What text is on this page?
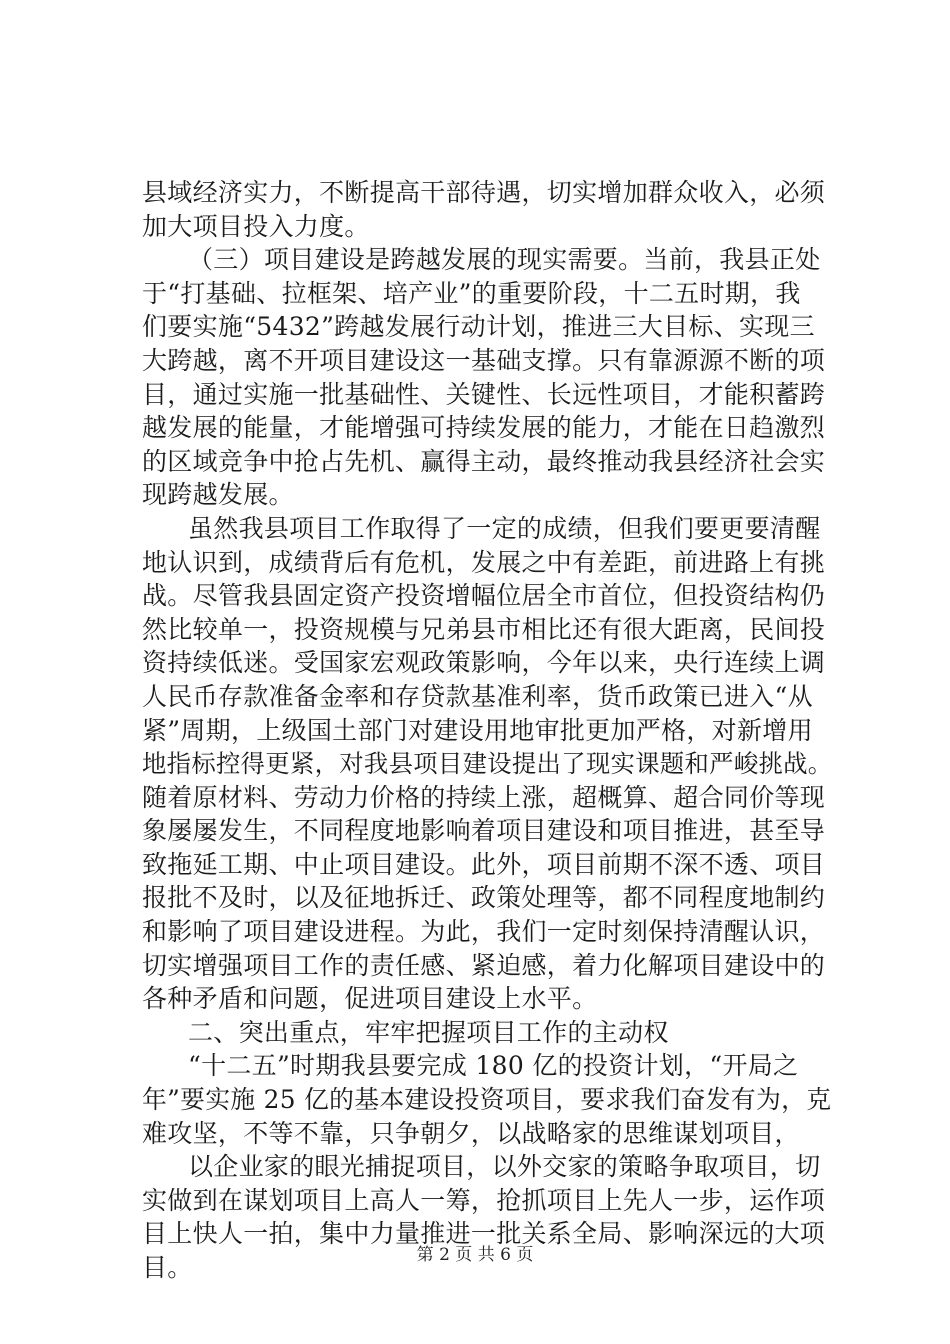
县域经济实力，不断提高干部待遇，切实增加群众收入，必须
加大项目投入力度。
（三）项目建设是跨越发展的现实需要。当前，我县正处
于“打基础、拉框架、培产业”的重要阶段，十二五时期，我
们要实施“5432”跨越发展行动计划，推进三大目标、实现三
大跨越，离不开项目建设这一基础支撑。只有靠源源不断的项
目，通过实施一批基础性、关键性、长远性项目，才能积蓄跨
越发展的能量，才能增强可持续发展的能力，才能在日趋激烈
的区域竞争中抢占先机、赢得主动，最终推动我县经济社会实
现跨越发展。
虽然我县项目工作取得了一定的成绩，但我们要更要清醒
地认识到，成绩背后有危机，发展之中有差距，前进路上有挑
战。尽管我县固定资产投资增幅位居全市首位，但投资结构仍
然比较单一，投资规模与兄弟县市相比还有很大距离，民间投
资持续低迷。受国家宏观政策影响，今年以来，央行连续上调
人民币存款准备金率和存贷款基准利率，货币政策已进入“从
紧”周期，上级国土部门对建设用地审批更加严格，对新增用
地指标控得更紧，对我县项目建设提出了现实课题和严峻挑战。
随着原材料、劳动力价格的持续上涨，超概算、超合同价等现
象屡屡发生，不同程度地影响着项目建设和项目推进，甚至导
致拖延工期、中止项目建设。此外，项目前期不深不透、项目
报批不及时，以及征地拆迁、政策处理等，都不同程度地制约
和影响了项目建设进程。为此，我们一定时刻保持清醒认识，
切实增强项目工作的责任感、紧迫感，着力化解项目建设中的
各种矛盾和问题，促进项目建设上水平。
二、突出重点，牢牢把握项目工作的主动权
“十二五”时期我县要完成 180 亿的投资计划，“开局之
年”要实施 25 亿的基本建设投资项目，要求我们奋发有为，克
难攻坚，不等不靠，只争朝夕，以战略家的思维谋划项目，
以企业家的眼光捕捉项目，以外交家的策略争取项目，切
实做到在谋划项目上高人一筹，抢抓项目上先人一步，运作项
目上快人一拍，集中力量推进一批关系全局、影响深远的大项
目。	第 2 页 共 6 页
